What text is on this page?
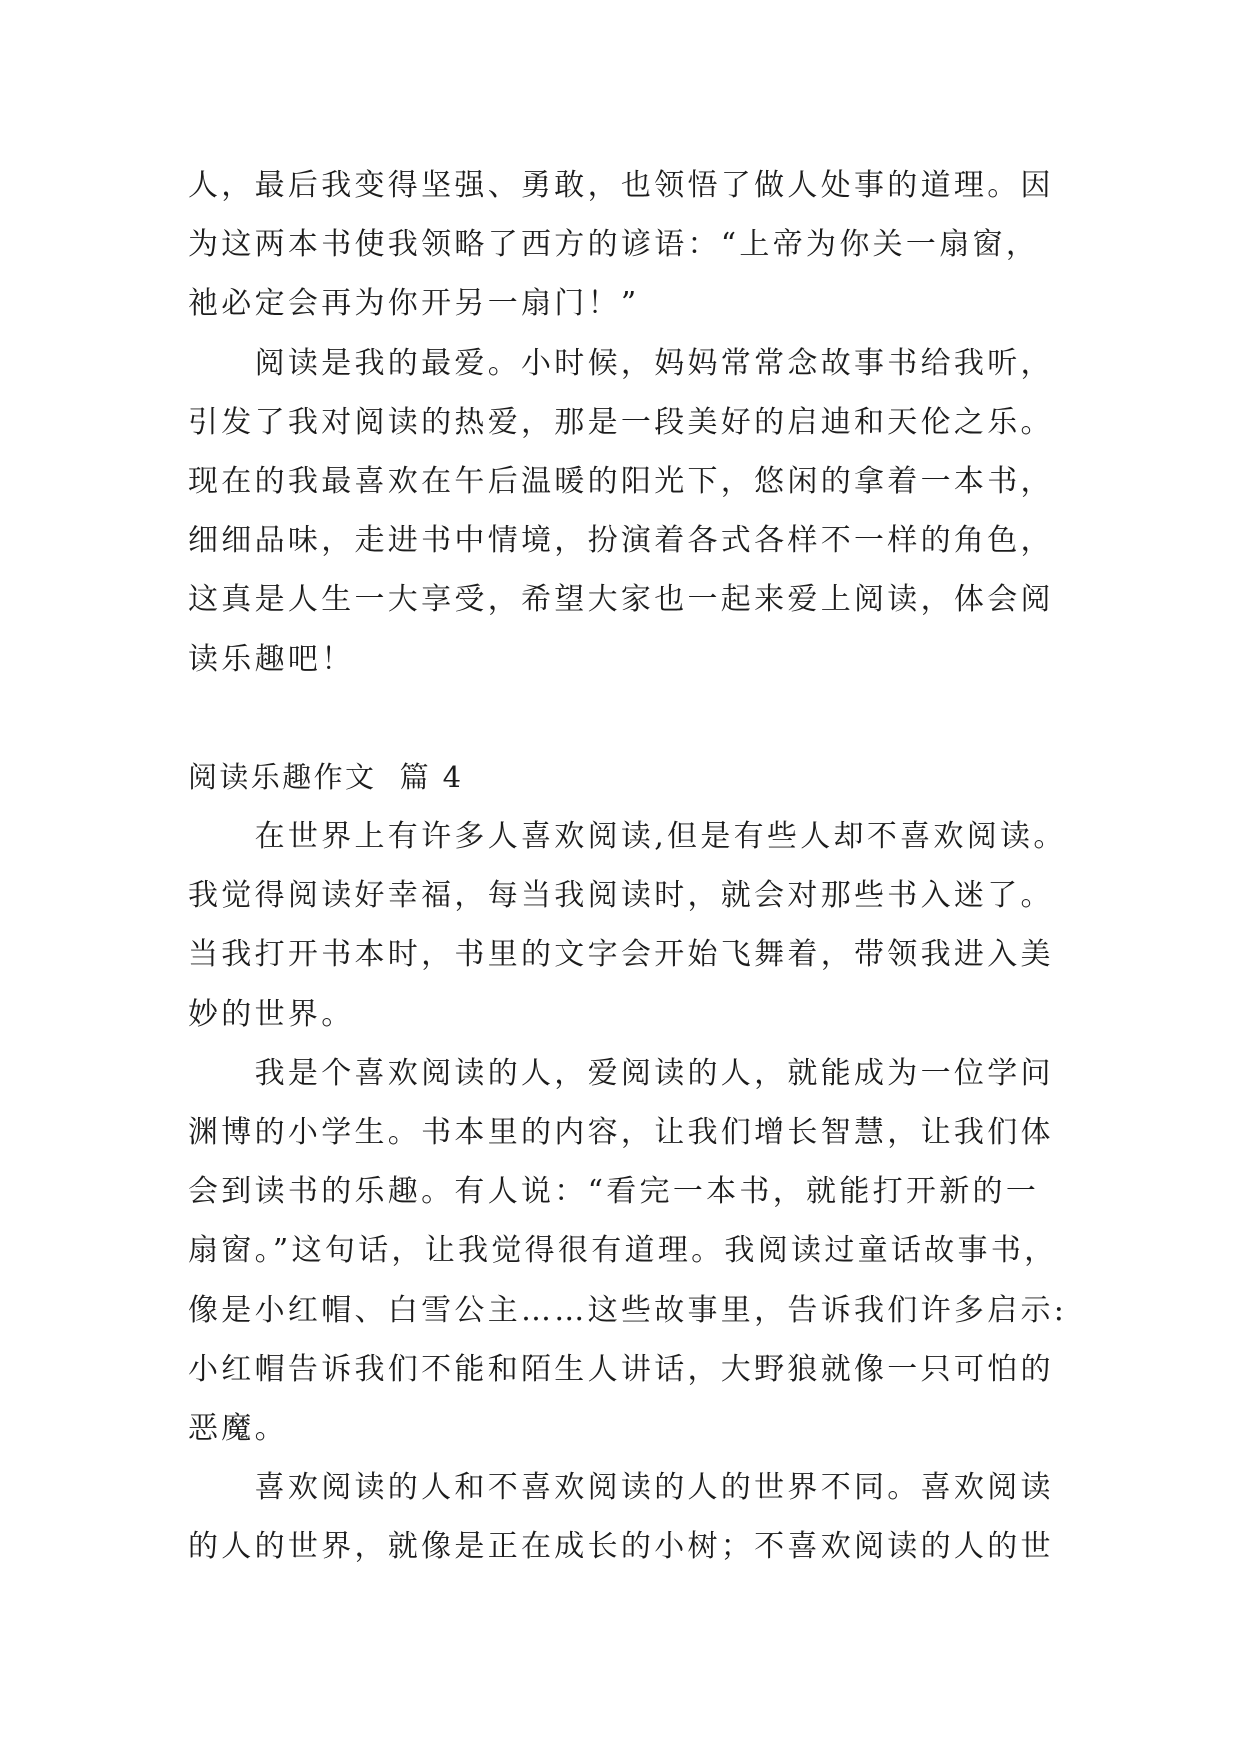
人，最后我变得坚强、勇敢，也领悟了做人处事的道理。因
为这两本书使我领略了西方的谚语：“上帝为你关一扇窗，
祂必定会再为你开另一扇门！”
阅读是我的最爱。小时候，妈妈常常念故事书给我听，
引发了我对阅读的热爱，那是一段美好的启迪和天伦之乐。
现在的我最喜欢在午后温暖的阳光下，悠闲的拿着一本书，
细细品味，走进书中情境，扮演着各式各样不一样的角色，
这真是人生一大享受，希望大家也一起来爱上阅读，体会阅
读乐趣吧！
阅读乐趣作文  篇 4
在世界上有许多人喜欢阅读,但是有些人却不喜欢阅读。
我觉得阅读好幸福，每当我阅读时，就会对那些书入迷了。
当我打开书本时，书里的文字会开始飞舞着，带领我进入美
妙的世界。
我是个喜欢阅读的人，爱阅读的人，就能成为一位学问
渊博的小学生。书本里的内容，让我们增长智慧，让我们体
会到读书的乐趣。有人说：“看完一本书，就能打开新的一
扇窗。”这句话，让我觉得很有道理。我阅读过童话故事书，
像是小红帽、白雪公主……这些故事里，告诉我们许多启示:
小红帽告诉我们不能和陌生人讲话，大野狼就像一只可怕的
恶魔。
喜欢阅读的人和不喜欢阅读的人的世界不同。喜欢阅读
的人的世界，就像是正在成长的小树；不喜欢阅读的人的世
